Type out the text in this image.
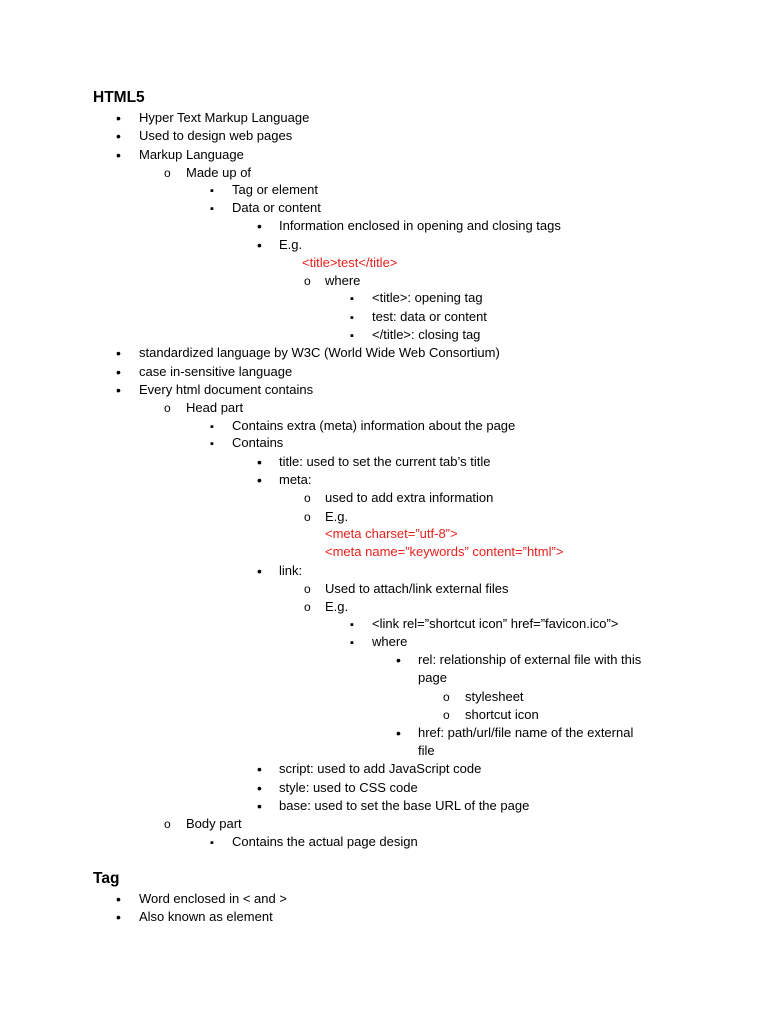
HTML5
•
Hyper Text Markup Language
•
Used to design web pages
•
Markup Language
o
Made up of
▪
Tag or element
▪
Data or content
•
Information enclosed in opening and closing tags
•
E.g.
<title>test</title>
o
where
▪
<title>: opening tag
▪
test: data or content
▪
</title>: closing tag
•
standardized language by W3C (World Wide Web Consortium)
•
case in-sensitive language
•
Every html document contains
o
Head part
▪
Contains extra (meta) information about the page
▪
Contains
•
title: used to set the current tab’s title
•
meta:
o
used to add extra information
o
E.g.
<meta charset=”utf-8”>
<meta name=”keywords” content=”html”>
•
link:
o
Used to attach/link external files
o
E.g.
▪
<link rel=”shortcut icon” href=”favicon.ico”>
▪
where
•
rel: relationship of external file with this
page
o
stylesheet
o
shortcut icon
•
href: path/url/file name of the external
file
•
script: used to add JavaScript code
•
style: used to CSS code
•
base: used to set the base URL of the page
o
Body part
▪
Contains the actual page design
Tag
•
Word enclosed in < and >
•
Also known as element
